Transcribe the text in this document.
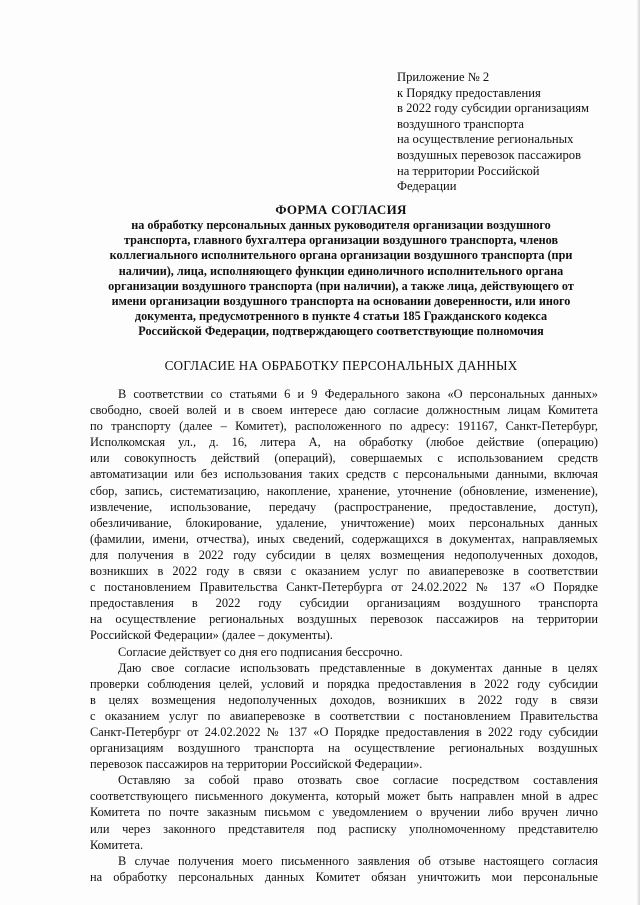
Приложение № 2
к Порядку предоставления
в 2022 году субсидии организациям
воздушного транспорта
на осуществление региональных
воздушных перевозок пассажиров
на территории Российской
Федерации
ФОРМА СОГЛАСИЯ
на обработку персональных данных руководителя организации воздушного
транспорта, главного бухгалтера организации воздушного транспорта, членов
коллегиального исполнительного органа организации воздушного транспорта (при
наличии), лица, исполняющего функции единоличного исполнительного органа
организации воздушного транспорта (при наличии), а также лица, действующего от
имени организации воздушного транспорта на основании доверенности, или иного
документа, предусмотренного в пункте 4 статьи 185 Гражданского кодекса
Российской Федерации, подтверждающего соответствующие полномочия
СОГЛАСИЕ НА ОБРАБОТКУ ПЕРСОНАЛЬНЫХ ДАННЫХ
В соответствии со статьями 6 и 9 Федерального закона «О персональных данных»
свободно, своей волей и в своем интересе даю согласие должностным лицам Комитета
по транспорту (далее – Комитет), расположенного по адресу: 191167, Санкт-Петербург,
Исполкомская ул., д. 16, литера А, на обработку (любое действие (операцию)
или совокупность действий (операций), совершаемых с использованием средств
автоматизации или без использования таких средств с персональными данными, включая
сбор, запись, систематизацию, накопление, хранение, уточнение (обновление, изменение),
извлечение, использование, передачу (распространение, предоставление, доступ),
обезличивание, блокирование, удаление, уничтожение) моих персональных данных
(фамилии, имени, отчества), иных сведений, содержащихся в документах, направляемых
для получения в 2022 году субсидии в целях возмещения недополученных доходов,
возникших в 2022 году в связи с оказанием услуг по авиаперевозке в соответствии
с постановлением Правительства Санкт-Петербурга от 24.02.2022 № 137 «О Порядке
предоставления в 2022 году субсидии организациям воздушного транспорта
на осуществление региональных воздушных перевозок пассажиров на территории
Российской Федерации» (далее – документы).
Согласие действует со дня его подписания бессрочно.
Даю свое согласие использовать представленные в документах данные в целях
проверки соблюдения целей, условий и порядка предоставления в 2022 году субсидии
в целях возмещения недополученных доходов, возникших в 2022 году в связи
с оказанием услуг по авиаперевозке в соответствии с постановлением Правительства
Санкт-Петербург от 24.02.2022 № 137 «О Порядке предоставления в 2022 году субсидии
организациям воздушного транспорта на осуществление региональных воздушных
перевозок пассажиров на территории Российской Федерации».
Оставляю за собой право отозвать свое согласие посредством составления
соответствующего письменного документа, который может быть направлен мной в адрес
Комитета по почте заказным письмом с уведомлением о вручении либо вручен лично
или через законного представителя под расписку уполномоченному представителю
Комитета.
В случае получения моего письменного заявления об отзыве настоящего согласия
на обработку персональных данных Комитет обязан уничтожить мои персональные
